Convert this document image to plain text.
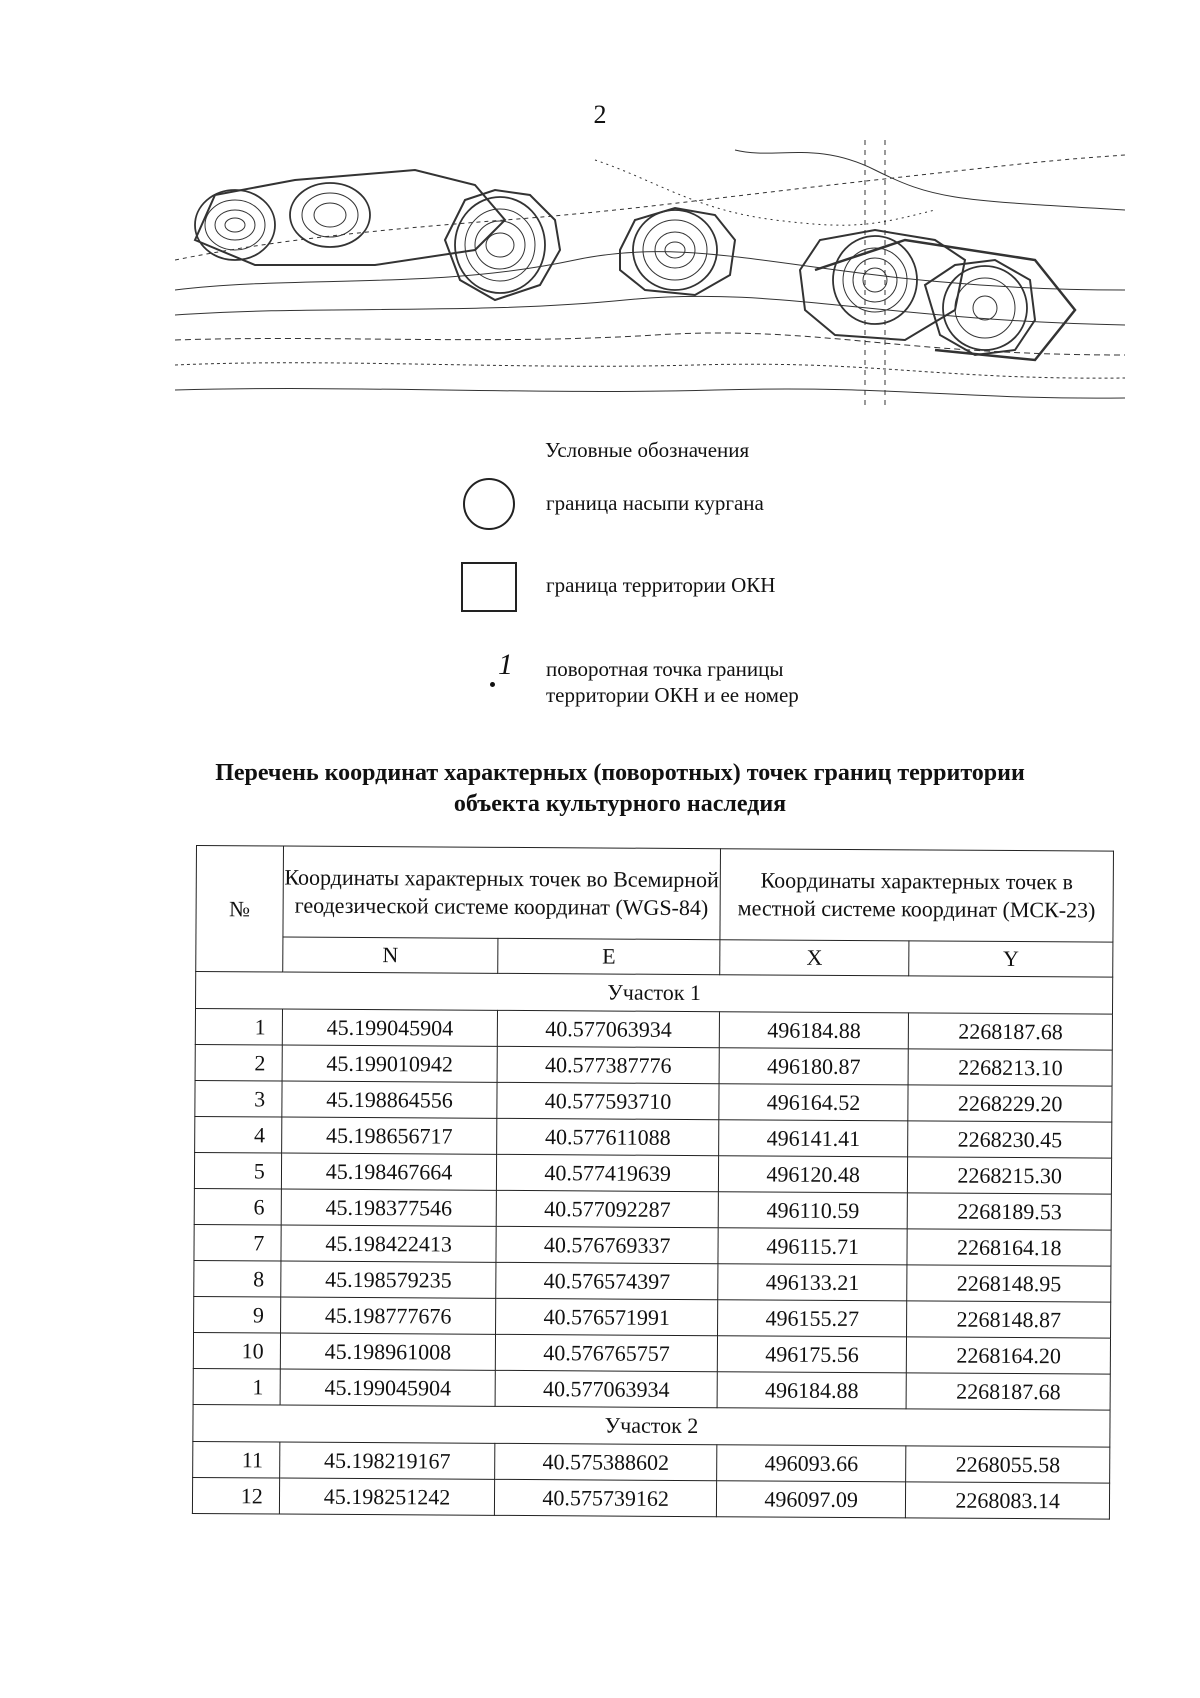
2
Условные обозначения
граница насыпи кургана
граница территории ОКН
1 поворотная точка границы
территории ОКН и ее номер
Перечень координат характерных (поворотных) точек границ территории
объекта культурного наследия
№	Координаты характерных точек во Всемирной геодезической системе координат (WGS-84)		Координаты характерных точек в местной системе координат (МСК-23)	
	N	E	X	Y
Участок 1				
1	45.199045904	40.577063934	496184.88	2268187.68
2	45.199010942	40.577387776	496180.87	2268213.10
3	45.198864556	40.577593710	496164.52	2268229.20
4	45.198656717	40.577611088	496141.41	2268230.45
5	45.198467664	40.577419639	496120.48	2268215.30
6	45.198377546	40.577092287	496110.59	2268189.53
7	45.198422413	40.576769337	496115.71	2268164.18
8	45.198579235	40.576574397	496133.21	2268148.95
9	45.198777676	40.576571991	496155.27	2268148.87
10	45.198961008	40.576765757	496175.56	2268164.20
1	45.199045904	40.577063934	496184.88	2268187.68
Участок 2				
11	45.198219167	40.575388602	496093.66	2268055.58
12	45.198251242	40.575739162	496097.09	2268083.14
